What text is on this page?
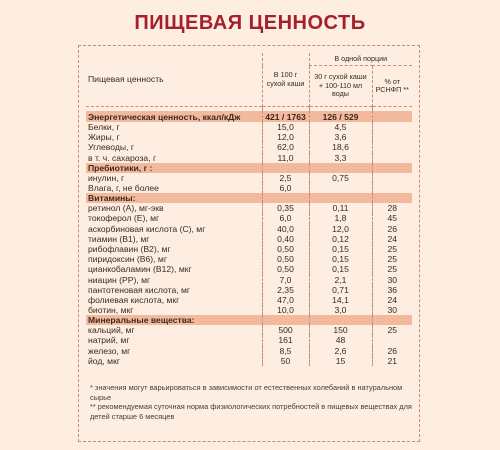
ПИЩЕВАЯ ЦЕННОСТЬ
Пищевая ценность	В 100 г сухой каши	В одной порции	
		30 г сухой каши + 100-110 мл воды	% от РСНФП **

Энергетическая ценность, ккал/кДж	421 / 1763	126 / 529	
Белки, г	15,0	4,5	
Жиры, г	12,0	3,6	
Углеводы, г	62,0	18,6	
в т. ч. сахароза, г	11,0	3,3	
Пребиотики, г :			
инулин, г	2,5	0,75	
Влага, г, не более	6,0		
Витамины:			
ретинол (А), мг-экв	0,35	0,11	28
токоферол (Е), мг	6,0	1,8	45
аскорбиновая кислота (С), мг	40,0	12,0	26
тиамин (В1), мг	0,40	0,12	24
рибофлавин (В2), мг	0,50	0,15	25
пиридоксин (В6), мг	0,50	0,15	25
цианкобаламин (В12), мкг	0,50	0,15	25
ниацин (РР), мг	7,0	2,1	30
пантотеновая кислота, мг	2,35	0,71	36
фолиевая кислота, мкг	47,0	14,1	24
биотин, мкг	10,0	3,0	30
Минеральные вещества:			
кальций, мг	500	150	25
натрий, мг	161	48	
железо, мг	8,5	2,6	26
йод, мкг	50	15	21
* значения могут варьироваться в зависимости от естественных колебаний в натуральном сырье
** рекомендуемая суточная норма физиологических потребностей в пищевых веществах для детей старше 6 месяцев
